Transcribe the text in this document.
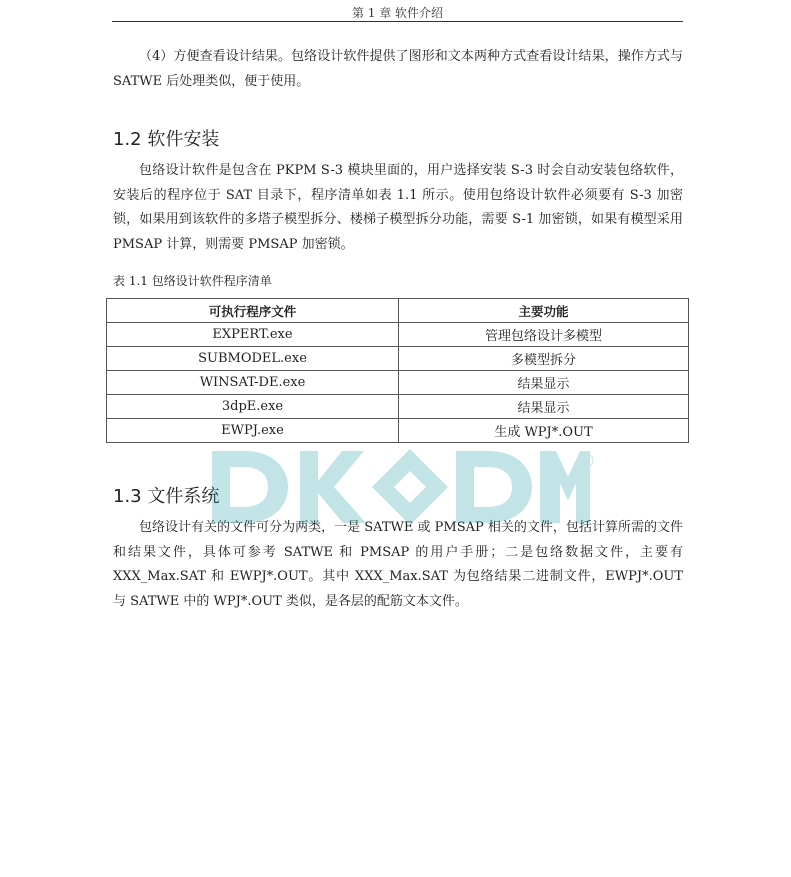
第 1 章 软件介绍

（4）方便查看设计结果。包络设计软件提供了图形和文本两种方式查看设计结果，操作方式与 SATWE 后处理类似，便于使用。

1.2 软件安装

包络设计软件是包含在 PKPM S-3 模块里面的，用户选择安装 S-3 时会自动安装包络软件，安装后的程序位于 SAT 目录下，程序清单如表 1.1 所示。使用包络设计软件必须要有 S-3 加密锁，如果用到该软件的多塔子模型拆分、楼梯子模型拆分功能，需要 S-1 加密锁，如果有模型采用 PMSAP 计算，则需要 PMSAP 加密锁。

表 1.1 包络设计软件程序清单
可执行程序文件	主要功能
EXPERT.exe	管理包络设计多模型
SUBMODEL.exe	多模型拆分
WINSAT-DE.exe	结果显示
3dpE.exe	结果显示
EWPJ.exe	生成 WPJ*.OUT
1.3 文件系统

包络设计有关的文件可分为两类，一是 SATWE 或 PMSAP 相关的文件，包括计算所需的文件和结果文件，具体可参考 SATWE 和 PMSAP 的用户手册；二是包络数据文件，主要有 XXX_Max.SAT 和 EWPJ*.OUT。其中 XXX_Max.SAT 为包络结果二进制文件，EWPJ*.OUT 与 SATWE 中的 WPJ*.OUT 类似，是各层的配筋文本文件。

®
